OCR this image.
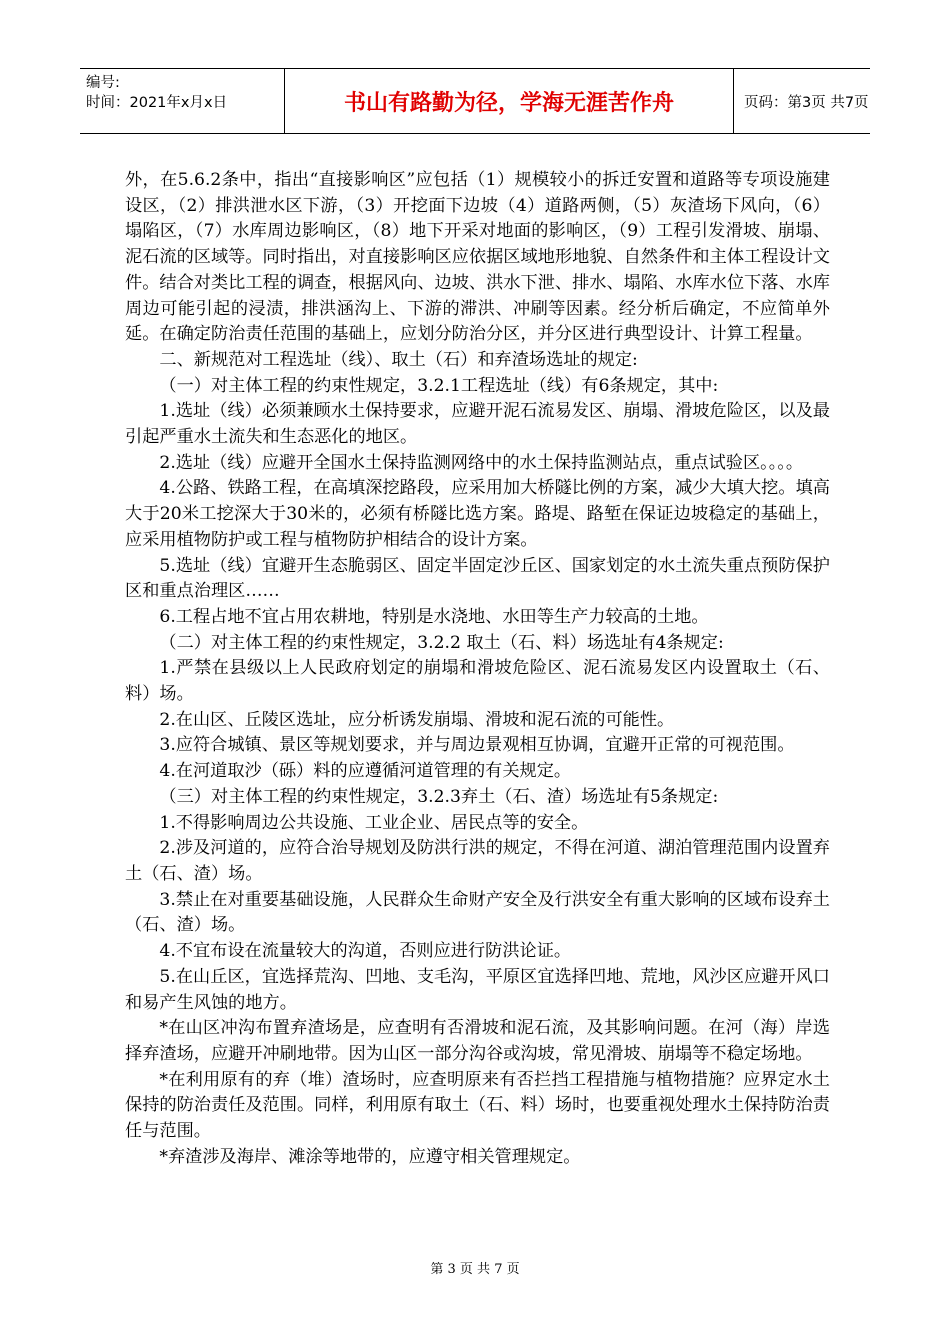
编号:
时间：2021年x月x日	书山有路勤为径，学海无涯苦作舟	页码：第3页 共7页

外，在5.6.2条中，指出“直接影响区”应包括（1）规模较小的拆迁安置和道路等专项设施建设区，（2）排洪泄水区下游，（3）开挖面下边坡（4）道路两侧，（5）灰渣场下风向，（6）塌陷区，（7）水库周边影响区，（8）地下开采对地面的影响区，（9）工程引发滑坡、崩塌、泥石流的区域等。同时指出，对直接影响区应依据区域地形地貌、自然条件和主体工程设计文件。结合对类比工程的调查，根据风向、边坡、洪水下泄、排水、塌陷、水库水位下落、水库周边可能引起的浸渍，排洪涵沟上、下游的滞洪、冲刷等因素。经分析后确定，不应简单外延。在确定防治责任范围的基础上，应划分防治分区，并分区进行典型设计、计算工程量。

二、新规范对工程选址（线）、取土（石）和弃渣场选址的规定:

（一）对主体工程的约束性规定，3.2.1工程选址（线）有6条规定，其中:

1.选址（线）必须兼顾水土保持要求，应避开泥石流易发区、崩塌、滑坡危险区，以及最引起严重水土流失和生态恶化的地区。

2.选址（线）应避开全国水土保持监测网络中的水土保持监测站点，重点试验区。。。。

4.公路、铁路工程，在高填深挖路段，应采用加大桥隧比例的方案，减少大填大挖。填高大于20米工挖深大于30米的，必须有桥隧比选方案。路堤、路堑在保证边坡稳定的基础上，应采用植物防护或工程与植物防护相结合的设计方案。

5.选址（线）宜避开生态脆弱区、固定半固定沙丘区、国家划定的水土流失重点预防保护区和重点治理区……

6.工程占地不宜占用农耕地，特别是水浇地、水田等生产力较高的土地。

（二）对主体工程的约束性规定，3.2.2 取土（石、料）场选址有4条规定:

1.严禁在县级以上人民政府划定的崩塌和滑坡危险区、泥石流易发区内设置取土（石、料）场。

2.在山区、丘陵区选址，应分析诱发崩塌、滑坡和泥石流的可能性。

3.应符合城镇、景区等规划要求，并与周边景观相互协调，宜避开正常的可视范围。

4.在河道取沙（砾）料的应遵循河道管理的有关规定。

（三）对主体工程的约束性规定，3.2.3弃土（石、渣）场选址有5条规定:

1.不得影响周边公共设施、工业企业、居民点等的安全。

2.涉及河道的，应符合治导规划及防洪行洪的规定，不得在河道、湖泊管理范围内设置弃土（石、渣）场。

3.禁止在对重要基础设施，人民群众生命财产安全及行洪安全有重大影响的区域布设弃土（石、渣）场。

4.不宜布设在流量较大的沟道，否则应进行防洪论证。

5.在山丘区，宜选择荒沟、凹地、支毛沟，平原区宜选择凹地、荒地，风沙区应避开风口和易产生风蚀的地方。

*在山区冲沟布置弃渣场是，应查明有否滑坡和泥石流，及其影响问题。在河（海）岸选择弃渣场，应避开冲刷地带。因为山区一部分沟谷或沟坡，常见滑坡、崩塌等不稳定场地。

*在利用原有的弃（堆）渣场时，应查明原来有否拦挡工程措施与植物措施？应界定水土保持的防治责任及范围。同样，利用原有取土（石、料）场时，也要重视处理水土保持防治责任与范围。

*弃渣涉及海岸、滩涂等地带的，应遵守相关管理规定。

第 3 页 共 7 页
